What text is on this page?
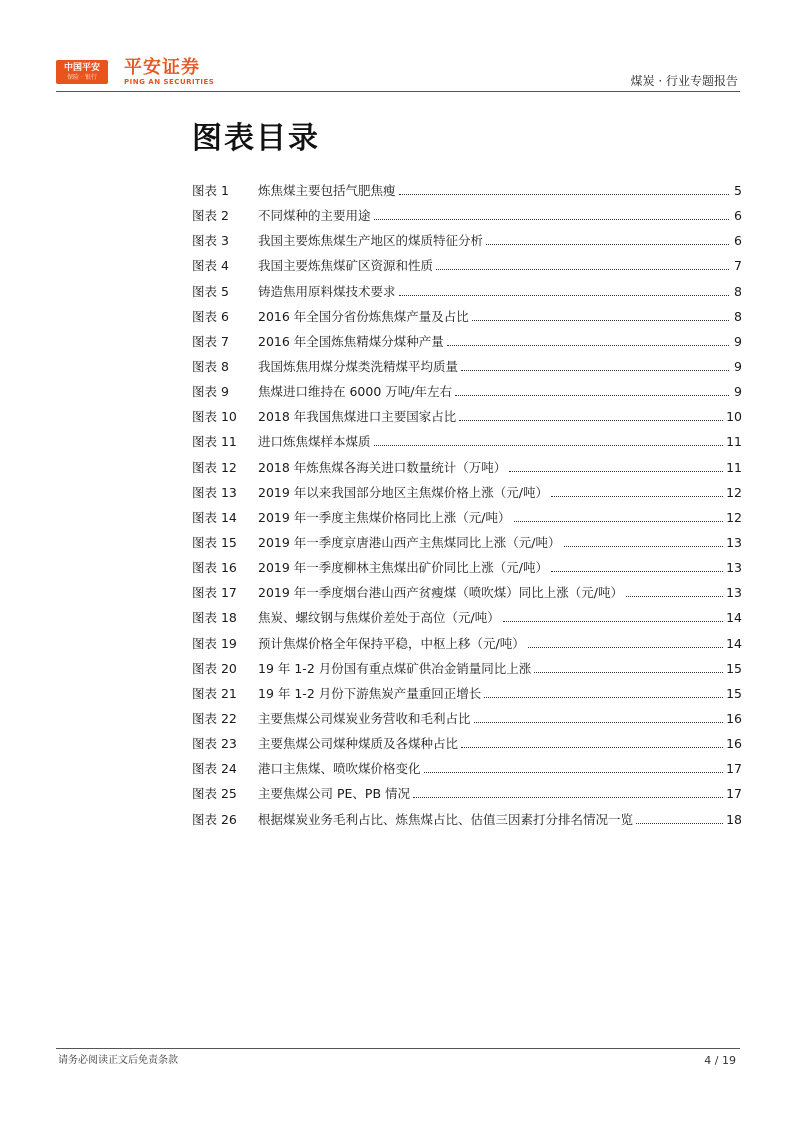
中国平安
保险 · 银行	平安证券
PING AN SECURITIES	煤炭 · 行业专题报告
图表目录
图表 1	炼焦煤主要包括气肥焦瘦	5
图表 2	不同煤种的主要用途	6
图表 3	我国主要炼焦煤生产地区的煤质特征分析	6
图表 4	我国主要炼焦煤矿区资源和性质	7
图表 5	铸造焦用原料煤技术要求	8
图表 6	2016 年全国分省份炼焦煤产量及占比	8
图表 7	2016 年全国炼焦精煤分煤种产量	9
图表 8	我国炼焦用煤分煤类洗精煤平均质量	9
图表 9	焦煤进口维持在 6000 万吨/年左右	9
图表 10	2018 年我国焦煤进口主要国家占比	10
图表 11	进口炼焦煤样本煤质	11
图表 12	2018 年炼焦煤各海关进口数量统计（万吨）	11
图表 13	2019 年以来我国部分地区主焦煤价格上涨（元/吨）	12
图表 14	2019 年一季度主焦煤价格同比上涨（元/吨）	12
图表 15	2019 年一季度京唐港山西产主焦煤同比上涨（元/吨）	13
图表 16	2019 年一季度柳林主焦煤出矿价同比上涨（元/吨）	13
图表 17	2019 年一季度烟台港山西产贫瘦煤（喷吹煤）同比上涨（元/吨）	13
图表 18	焦炭、螺纹钢与焦煤价差处于高位（元/吨）	14
图表 19	预计焦煤价格全年保持平稳，中枢上移（元/吨）	14
图表 20	19 年 1-2 月份国有重点煤矿供冶金销量同比上涨	15
图表 21	19 年 1-2 月份下游焦炭产量重回正增长	15
图表 22	主要焦煤公司煤炭业务营收和毛利占比	16
图表 23	主要焦煤公司煤种煤质及各煤种占比	16
图表 24	港口主焦煤、喷吹煤价格变化	17
图表 25	主要焦煤公司 PE、PB 情况	17
图表 26	根据煤炭业务毛利占比、炼焦煤占比、估值三因素打分排名情况一览	18
请务必阅读正文后免责条款	4 / 19
